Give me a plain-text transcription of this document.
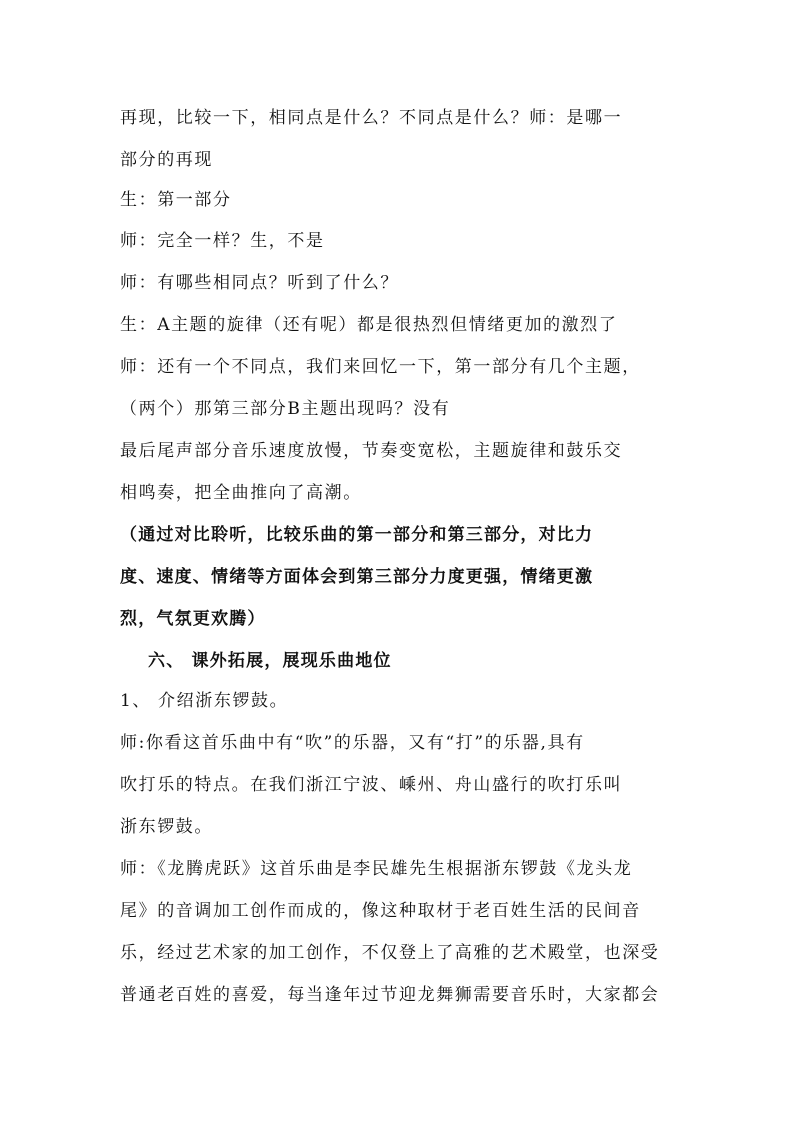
再现，比较一下，相同点是什么？不同点是什么？师：是哪一
部分的再现
生：第一部分
师：完全一样？生，不是
师：有哪些相同点？听到了什么？
生：A主题的旋律（还有呢）都是很热烈但情绪更加的激烈了
师：还有一个不同点，我们来回忆一下，第一部分有几个主题，
（两个）那第三部分B主题出现吗？没有
最后尾声部分音乐速度放慢，节奏变宽松，主题旋律和鼓乐交
相鸣奏，把全曲推向了高潮。
（通过对比聆听，比较乐曲的第一部分和第三部分，对比力
度、速度、情绪等方面体会到第三部分力度更强，情绪更激
烈，气氛更欢腾）
六、 课外拓展，展现乐曲地位
1、 介绍浙东锣鼓。
师:你看这首乐曲中有“吹”的乐器，又有“打”的乐器,具有
吹打乐的特点。在我们浙江宁波、嵊州、舟山盛行的吹打乐叫
浙东锣鼓。
师：《龙腾虎跃》这首乐曲是李民雄先生根据浙东锣鼓《龙头龙
尾》的音调加工创作而成的，像这种取材于老百姓生活的民间音
乐，经过艺术家的加工创作，不仅登上了高雅的艺术殿堂，也深受
普通老百姓的喜爱，每当逢年过节迎龙舞狮需要音乐时，大家都会
